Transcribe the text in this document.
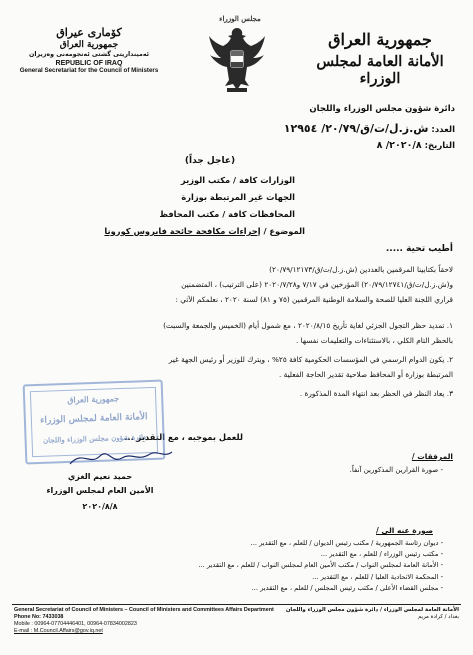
مجلس الوزراء
كۆمارى عيراق
جمهورية العراق
ئه‌مینداریتی گشتی ئەنجومەنی وەزیران
REPUBLIC OF IRAQ
General Secretariat for the Council of Ministers
جمهورية العراق
الأمانة العامة لمجلس الوزراء
دائرة شؤون مجلس الوزراء واللجان
العدد: ش.ز.ل/ت/ق/٢٠/٧٩/ ١٢٩٥٤
التاريخ: ٢٠٢٠/٨/ ٨
(عاجل جداً)
الوزارات كافة / مكتب الوزير
الجهات غير المرتبطة بوزارة
المحافظات كافة / مكتب المحافظ
الموضوع / إجراءات مكافحة جائحة فايروس كورونا
أطيب تحية .....
لاحقاً بكتابينا المرقمين بالعددين (ش.ز.ل/ت/ق/٢٠/٧٩/١٢١٧٣)
و(ش.ز.ل/ت/ق/٢٠/٧٩/١٢٧٤١) المؤرخين في ٧/١٧ و٢٠٢٠/٧/٢٨ (على الترتيب) ، المتضمنين
قراري اللجنة العليا للصحة والسلامة الوطنية المرقمين (٧٥ و ٨١) لسنة ٢٠٢٠ ، نعلمكم الآتي :
١. تمديد حظر التجول الجزئي لغاية تأريخ ٢٠٢٠/٨/١٥ ، مع شمول أيام (الخميس والجمعة والسبت)
بالحظر التام الكلي ، بالاستثناءات والتعليمات نفسها .
٢. يكون الدوام الرسمي في المؤسسات الحكومية كافة ٢٥% ، ويترك للوزير أو رئيس الجهة غير
المرتبطة بوزارة أو المحافظ صلاحية تقدير الحاجة الفعلية .
٣. يعاد النظر في الحظر بعد انتهاء المدة المذكورة .
للعمل بموجبه ، مع التقدير ...
المرفقات /
- صورة القرارين المذكورين آنفاً.
جمهورية العراق
الأمانة العامة لمجلس الوزراء
دائرة شؤون مجلس الوزراء واللجان
حميد نعيم الغزي
الأمين العام لمجلس الوزراء
٢٠٢٠/٨/٨
صورة عنه الى /
- ديوان رئاسة الجمهورية / مكتب رئيس الديوان / للعلم ، مع التقدير ...
- مكتب رئيس الوزراء / للعلم ، مع التقدير ...
- الأمانة العامة لمجلس النواب / مكتب الأمين العام لمجلس النواب / للعلم ، مع التقدير ...
- المحكمة الاتحادية العليا / للعلم ، مع التقدير ...
- مجلس القضاء الأعلى / مكتب رئيس المجلس / للعلم ، مع التقدير ...
General Secretariat of Council of Ministers – Council of Ministers and Committees Affairs Department
Phone No: 7433038
Mobile : 00964-07704446401, 00964-07834002823
E-mail : M.Council.Affairs@gov.iq.net
الأمانة العامة لمجلس الوزراء / دائرة شؤون مجلس الوزراء واللجان
بغداد / كرادة مريم
